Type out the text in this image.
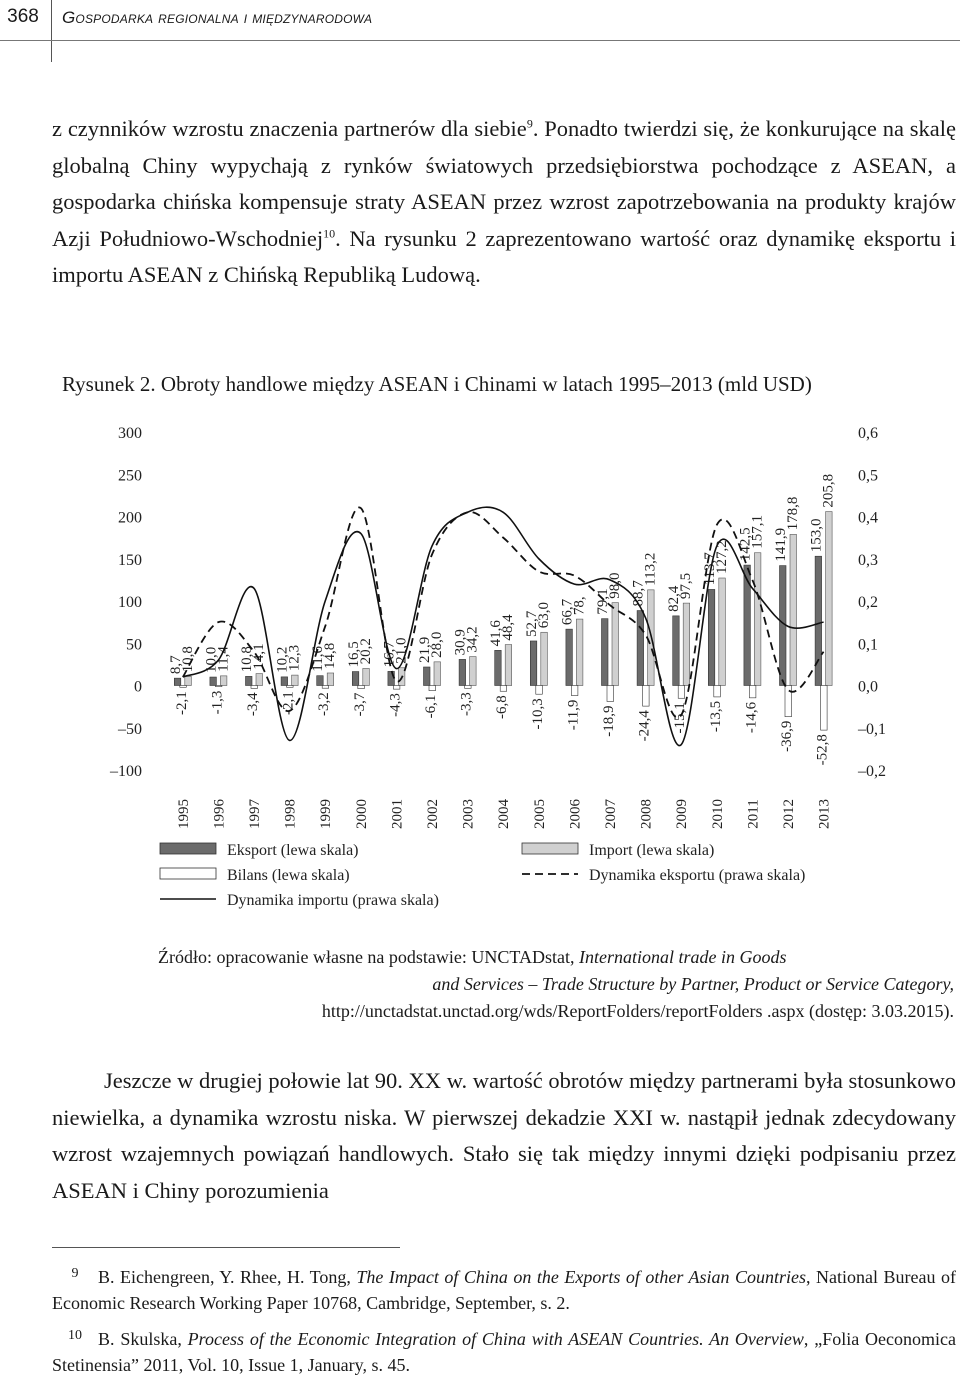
368	Gospodarka regionalna i międzynarodowa

z czynników wzrostu znaczenia partnerów dla siebie$^9$. Ponadto twierdzi się, że konkurujące na skalę globalną Chiny wypychają z rynków światowych przedsiębiorstwa pochodzące z ASEAN, a gospodarka chińska kompensuje straty ASEAN przez wzrost zapotrzebowania na produkty krajów Azji Południowo-Wschodniej$^{10}$. Na rysunku 2 zaprezentowano wartość oraz dynamikę eksportu i importu ASEAN z Chińską Republiką Ludową.

Rysunek 2. Obroty handlowe między ASEAN i Chinami w latach 1995–2013 (mld USD)
300
250
200
150
100
50
0
–50
–100
0,6
0,5
0,4
0,3
0,2
0,1
0,0
–0,1
–0,2
8,7
10,8
-2,1
1995
10,0
11,4
-1,3
1996
10,8
14,1
-3,4
1997
10,2
12,3
-2,1
1998
11,6
14,8
-3,2
1999
16,5
20,2
-3,7
2000
16,7
21,0
-4,3
2001
21,9
28,0
-6,1
2002
30,9
34,2
-3,3
2003
41,6
48,4
-6,8
2004
52,7
63,0
-10,3
2005
66,7
78,
-11,9
2006
79,1
98,0
-18,9
2007
88,7
113,2
-24,4
2008
82,4
97,5
-15,1
2009
113,7
127,2
-13,5
2010
142,5
157,1
-14,6
2011
141,9
178,8
-36,9
2012
153,0
205,8
-52,8
2013
Eksport (lewa skala)	Import (lewa skala)
Bilans (lewa skala)	Dynamika eksportu (prawa skala)
Dynamika importu (prawa skala)

Źródło: opracowanie własne na podstawie: UNCTADstat, International trade in Goods
and Services – Trade Structure by Partner, Product or Service Category,
http://unctadstat.unctad.org/wds/ReportFolders/reportFolders .aspx (dostęp: 3.03.2015).

Jeszcze w drugiej połowie lat 90. XX w. wartość obrotów między partnerami była stosunkowo niewielka, a dynamika wzrostu niska. W pierwszej dekadzie XXI w. nastąpił jednak zdecydowany wzrost wzajemnych powiązań handlowych. Stało się tak między innymi dzięki podpisaniu przez ASEAN i Chiny porozumienia

9 B. Eichengreen, Y. Rhee, H. Tong, The Impact of China on the Exports of other Asian Countries, National Bureau of Economic Research Working Paper 10768, Cambridge, September, s. 2.

10 B. Skulska, Process of the Economic Integration of China with ASEAN Countries. An Overview, „Folia Oeconomica Stetinensia” 2011, Vol. 10, Issue 1, January, s. 45.
